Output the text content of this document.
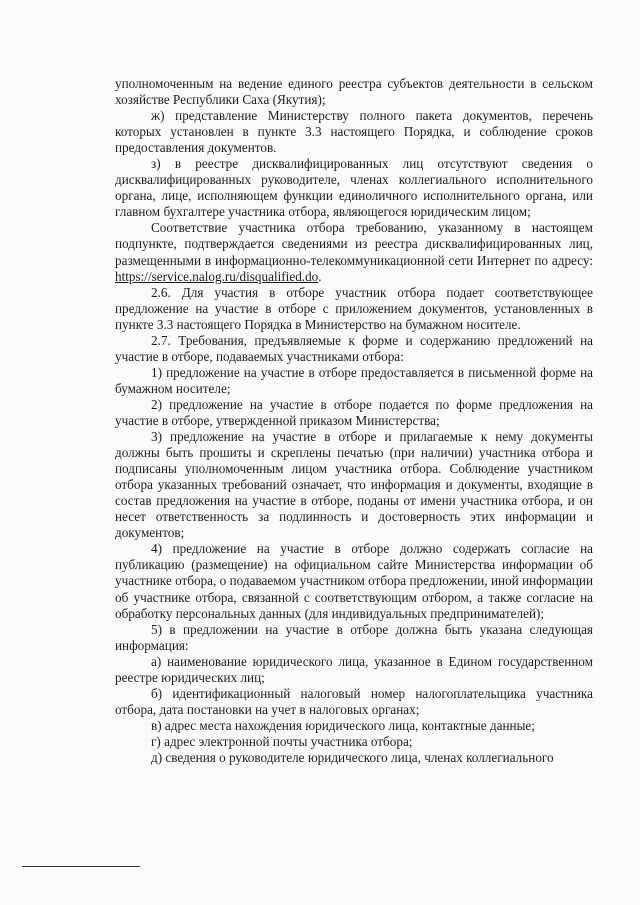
уполномоченным на ведение единого реестра субъектов деятельности в сельском хозяйстве Республики Саха (Якутия);

ж) представление Министерству полного пакета документов, перечень которых установлен в пункте 3.3 настоящего Порядка, и соблюдение сроков предоставления документов.

з) в реестре дисквалифицированных лиц отсутствуют сведения о дисквалифицированных руководителе, членах коллегиального исполнительного органа, лице, исполняющем функции единоличного исполнительного органа, или главном бухгалтере участника отбора, являющегося юридическим лицом;

Соответствие участника отбора требованию, указанному в настоящем подпункте, подтверждается сведениями из реестра дисквалифицированных лиц, размещенными в информационно-телекоммуникационной сети Интернет по адресу: https://service.nalog.ru/disqualified.do.

2.6. Для участия в отборе участник отбора подает соответствующее предложение на участие в отборе с приложением документов, установленных в пункте 3.3 настоящего Порядка в Министерство на бумажном носителе.

2.7. Требования, предъявляемые к форме и содержанию предложений на участие в отборе, подаваемых участниками отбора:

1) предложение на участие в отборе предоставляется в письменной форме на бумажном носителе;

2) предложение на участие в отборе подается по форме предложения на участие в отборе, утвержденной приказом Министерства;

3) предложение на участие в отборе и прилагаемые к нему документы должны быть прошиты и скреплены печатью (при наличии) участника отбора и подписаны уполномоченным лицом участника отбора. Соблюдение участником отбора указанных требований означает, что информация и документы, входящие в состав предложения на участие в отборе, поданы от имени участника отбора, и он несет ответственность за подлинность и достоверность этих информации и документов;

4) предложение на участие в отборе должно содержать согласие на публикацию (размещение) на официальном сайте Министерства информации об участнике отбора, о подаваемом участником отбора предложении, иной информации об участнике отбора, связанной с соответствующим отбором, а также согласие на обработку персональных данных (для индивидуальных предпринимателей);

5) в предложении на участие в отборе должна быть указана следующая информация:

а) наименование юридического лица, указанное в Едином государственном реестре юридических лиц;

б) идентификационный налоговый номер налогоплательщика участника отбора, дата постановки на учет в налоговых органах;

в) адрес места нахождения юридического лица, контактные данные;

г) адрес электронной почты участника отбора;

д) сведения о руководителе юридического лица, членах коллегиального
